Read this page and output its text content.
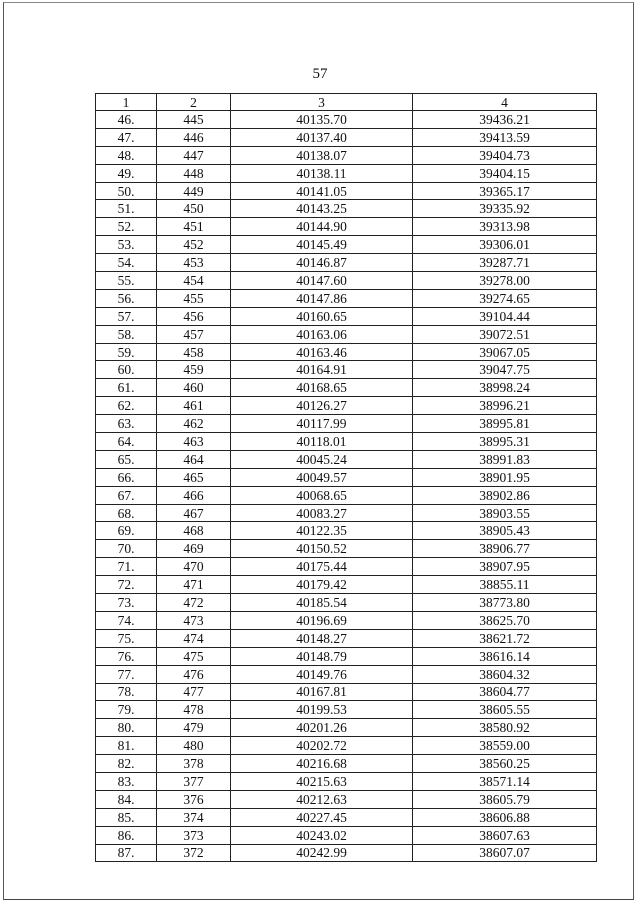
57
1	2	3	4
46.	445	40135.70	39436.21
47.	446	40137.40	39413.59
48.	447	40138.07	39404.73
49.	448	40138.11	39404.15
50.	449	40141.05	39365.17
51.	450	40143.25	39335.92
52.	451	40144.90	39313.98
53.	452	40145.49	39306.01
54.	453	40146.87	39287.71
55.	454	40147.60	39278.00
56.	455	40147.86	39274.65
57.	456	40160.65	39104.44
58.	457	40163.06	39072.51
59.	458	40163.46	39067.05
60.	459	40164.91	39047.75
61.	460	40168.65	38998.24
62.	461	40126.27	38996.21
63.	462	40117.99	38995.81
64.	463	40118.01	38995.31
65.	464	40045.24	38991.83
66.	465	40049.57	38901.95
67.	466	40068.65	38902.86
68.	467	40083.27	38903.55
69.	468	40122.35	38905.43
70.	469	40150.52	38906.77
71.	470	40175.44	38907.95
72.	471	40179.42	38855.11
73.	472	40185.54	38773.80
74.	473	40196.69	38625.70
75.	474	40148.27	38621.72
76.	475	40148.79	38616.14
77.	476	40149.76	38604.32
78.	477	40167.81	38604.77
79.	478	40199.53	38605.55
80.	479	40201.26	38580.92
81.	480	40202.72	38559.00
82.	378	40216.68	38560.25
83.	377	40215.63	38571.14
84.	376	40212.63	38605.79
85.	374	40227.45	38606.88
86.	373	40243.02	38607.63
87.	372	40242.99	38607.07
